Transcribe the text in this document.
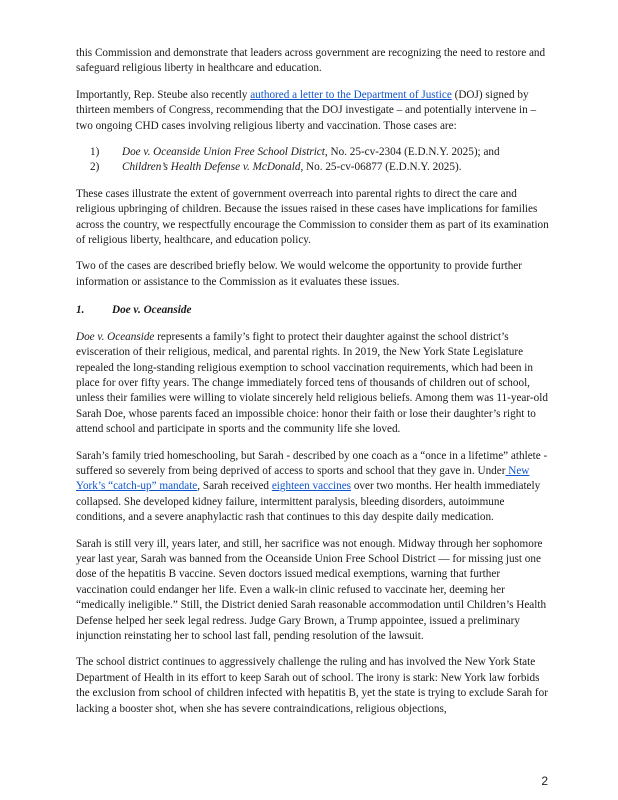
this Commission and demonstrate that leaders across government are recognizing the need to restore and safeguard religious liberty in healthcare and education.

Importantly, Rep. Steube also recently authored a letter to the Department of Justice (DOJ) signed by thirteen members of Congress, recommending that the DOJ investigate – and potentially intervene in – two ongoing CHD cases involving religious liberty and vaccination. Those cases are:

1)	Doe v. Oceanside Union Free School District, No. 25-cv-2304 (E.D.N.Y. 2025); and
2)	Children’s Health Defense v. McDonald, No. 25-cv-06877 (E.D.N.Y. 2025).

These cases illustrate the extent of government overreach into parental rights to direct the care and religious upbringing of children. Because the issues raised in these cases have implications for families across the country, we respectfully encourage the Commission to consider them as part of its examination of religious liberty, healthcare, and education policy.

Two of the cases are described briefly below. We would welcome the opportunity to provide further information or assistance to the Commission as it evaluates these issues.

1.	Doe v. Oceanside

Doe v. Oceanside represents a family’s fight to protect their daughter against the school district’s evisceration of their religious, medical, and parental rights. In 2019, the New York State Legislature repealed the long-standing religious exemption to school vaccination requirements, which had been in place for over fifty years. The change immediately forced tens of thousands of children out of school, unless their families were willing to violate sincerely held religious beliefs. Among them was 11-year-old Sarah Doe, whose parents faced an impossible choice: honor their faith or lose their daughter’s right to attend school and participate in sports and the community life she loved.

Sarah’s family tried homeschooling, but Sarah - described by one coach as a “once in a lifetime” athlete - suffered so severely from being deprived of access to sports and school that they gave in. Under New York’s “catch-up” mandate, Sarah received eighteen vaccines over two months. Her health immediately collapsed. She developed kidney failure, intermittent paralysis, bleeding disorders, autoimmune conditions, and a severe anaphylactic rash that continues to this day despite daily medication.

Sarah is still very ill, years later, and still, her sacrifice was not enough. Midway through her sophomore year last year, Sarah was banned from the Oceanside Union Free School District — for missing just one dose of the hepatitis B vaccine. Seven doctors issued medical exemptions, warning that further vaccination could endanger her life. Even a walk-in clinic refused to vaccinate her, deeming her “medically ineligible.” Still, the District denied Sarah reasonable accommodation until Children’s Health Defense helped her seek legal redress. Judge Gary Brown, a Trump appointee, issued a preliminary injunction reinstating her to school last fall, pending resolution of the lawsuit.

The school district continues to aggressively challenge the ruling and has involved the New York State Department of Health in its effort to keep Sarah out of school. The irony is stark: New York law forbids the exclusion from school of children infected with hepatitis B, yet the state is trying to exclude Sarah for lacking a booster shot, when she has severe contraindications, religious objections,

2
